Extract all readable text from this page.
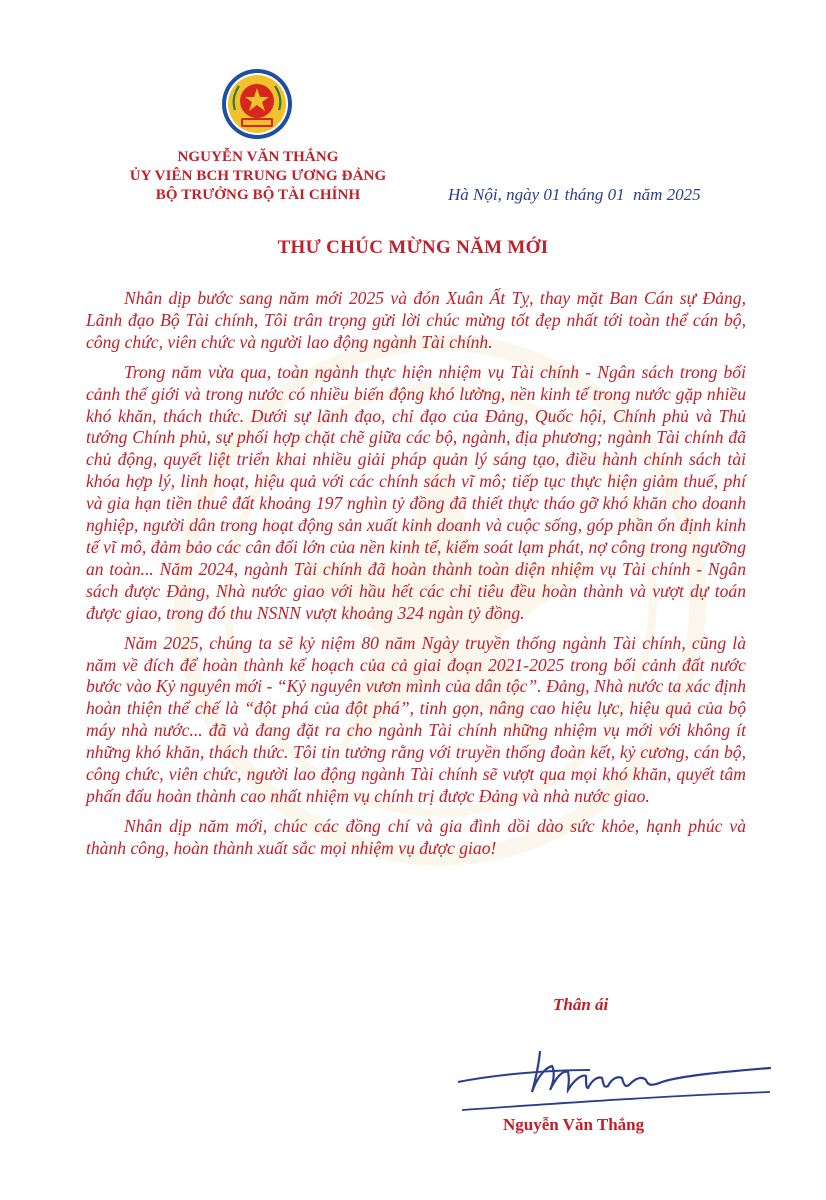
NGUYỄN VĂN THẮNG
ỦY VIÊN BCH TRUNG ƯƠNG ĐẢNG
BỘ TRƯỞNG BỘ TÀI CHÍNH	Hà Nội, ngày 01 tháng 01 năm 2025
THƯ CHÚC MỪNG NĂM MỚI

Nhân dịp bước sang năm mới 2025 và đón Xuân Ất Tỵ, thay mặt Ban Cán sự Đảng, Lãnh đạo Bộ Tài chính, Tôi trân trọng gửi lời chúc mừng tốt đẹp nhất tới toàn thể cán bộ, công chức, viên chức và người lao động ngành Tài chính.

Trong năm vừa qua, toàn ngành thực hiện nhiệm vụ Tài chính - Ngân sách trong bối cảnh thế giới và trong nước có nhiều biến động khó lường, nền kinh tế trong nước gặp nhiều khó khăn, thách thức. Dưới sự lãnh đạo, chỉ đạo của Đảng, Quốc hội, Chính phủ và Thủ tướng Chính phủ, sự phối hợp chặt chẽ giữa các bộ, ngành, địa phương; ngành Tài chính đã chủ động, quyết liệt triển khai nhiều giải pháp quản lý sáng tạo, điều hành chính sách tài khóa hợp lý, linh hoạt, hiệu quả với các chính sách vĩ mô; tiếp tục thực hiện giảm thuế, phí và gia hạn tiền thuê đất khoảng 197 nghìn tỷ đồng đã thiết thực tháo gỡ khó khăn cho doanh nghiệp, người dân trong hoạt động sản xuất kinh doanh và cuộc sống, góp phần ổn định kinh tế vĩ mô, đảm bảo các cân đối lớn của nền kinh tế, kiểm soát lạm phát, nợ công trong ngưỡng an toàn... Năm 2024, ngành Tài chính đã hoàn thành toàn diện nhiệm vụ Tài chính - Ngân sách được Đảng, Nhà nước giao với hầu hết các chỉ tiêu đều hoàn thành và vượt dự toán được giao, trong đó thu NSNN vượt khoảng 324 ngàn tỷ đồng.

Năm 2025, chúng ta sẽ kỷ niệm 80 năm Ngày truyền thống ngành Tài chính, cũng là năm về đích để hoàn thành kế hoạch của cả giai đoạn 2021-2025 trong bối cảnh đất nước bước vào Kỷ nguyên mới - “Kỷ nguyên vươn mình của dân tộc”. Đảng, Nhà nước ta xác định hoàn thiện thể chế là “đột phá của đột phá”, tinh gọn, nâng cao hiệu lực, hiệu quả của bộ máy nhà nước... đã và đang đặt ra cho ngành Tài chính những nhiệm vụ mới với không ít những khó khăn, thách thức. Tôi tin tưởng rằng với truyền thống đoàn kết, kỷ cương, cán bộ, công chức, viên chức, người lao động ngành Tài chính sẽ vượt qua mọi khó khăn, quyết tâm phấn đấu hoàn thành cao nhất nhiệm vụ chính trị được Đảng và nhà nước giao.

Nhân dịp năm mới, chúc các đồng chí và gia đình dồi dào sức khỏe, hạnh phúc và thành công, hoàn thành xuất sắc mọi nhiệm vụ được giao!

Thân ái
Nguyễn Văn Thắng
